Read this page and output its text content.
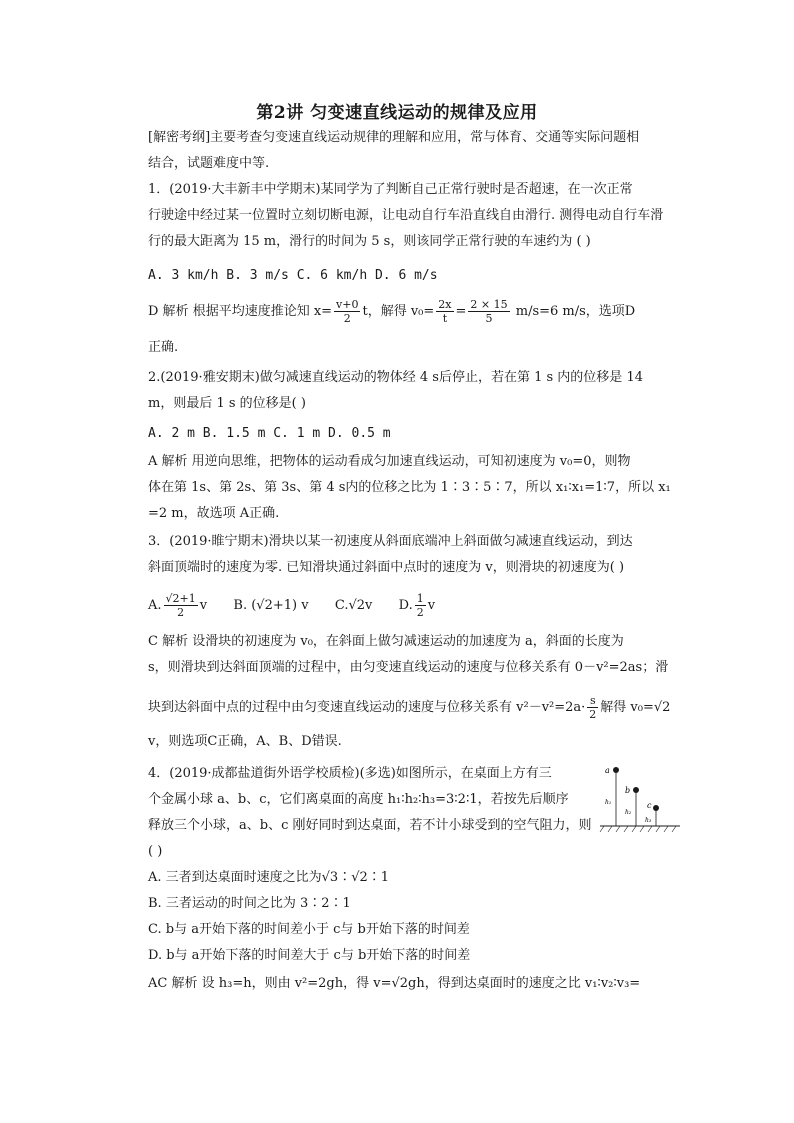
第2讲 匀变速直线运动的规律及应用
[解密考纲]主要考查匀变速直线运动规律的理解和应用，常与体育、交通等实际问题相
结合，试题难度中等.
1．(2019·大丰新丰中学期末)某同学为了判断自己正常行驶时是否超速，在一次正常
行驶途中经过某一位置时立刻切断电源，让电动自行车沿直线自由滑行. 测得电动自行车滑
行的最大距离为 15 m，滑行的时间为 5 s，则该同学正常行驶的车速约为 ( )
A. 3 km/h B. 3 m/s C. 6 km/h D. 6 m/s
D 解析 根据平均速度推论知 $x= \frac{v+0}{2}$ t，解得 $v_0= \frac{2x}{t} = \frac{2 \times 15}{5} m/s=6$ m/s，选项D
正确.
2.(2019·雅安期末)做匀减速直线运动的物体经 4 s后停止，若在第 1 s 内的位移是 14
m，则最后 1 s 的位移是( )
A. 2 m B. 1.5 m C. 1 m D. 0.5 m
A 解析 用逆向思维，把物体的运动看成匀加速直线运动，可知初速度为 v₀=0，则物
体在第 1s、第 2s、第 3s、第 4 s内的位移之比为 1∶3∶5∶7，所以 x₁∶x₁=1∶7，所以 x₁
=2 m，故选项 A正确.
3．(2019·睢宁期末)滑块以某一初速度从斜面底端冲上斜面做匀减速直线运动，到达
斜面顶端时的速度为零. 已知滑块通过斜面中点时的速度为 v，则滑块的初速度为( )
A. $\frac{√2+1}{2}$ v B. (√2+1) v C.√2v D. $\frac{1}{2}$ v
C 解析 设滑块的初速度为 v₀，在斜面上做匀减速运动的加速度为 a，斜面的长度为
s，则滑块到达斜面顶端的过程中，由匀变速直线运动的速度与位移关系有 0－v²=2as；滑
块到达斜面中点的过程中由匀变速直线运动的速度与位移关系有 $v^2-v^2=2a\cdot \frac{s}{2}$ 解得 v₀=√2
v，则选项C正确，A、B、D错误.
4．(2019·成都盐道街外语学校质检)(多选)如图所示，在桌面上方有三
个金属小球 a、b、c，它们离桌面的高度 h₁∶h₂∶h₃=3∶2∶1，若按先后顺序
释放三个小球，a、b、c 刚好同时到达桌面，若不计小球受到的空气阻力，则
( )
A. 三者到达桌面时速度之比为√3∶√2∶1
B. 三者运动的时间之比为 3∶2∶1
C. b与 a开始下落的时间差小于 c与 b开始下落的时间差
D. b与 a开始下落的时间差大于 c与 b开始下落的时间差
AC 解析 设 h₃=h，则由 v²=2gh，得 v=√2gh，得到达桌面时的速度之比 v₁∶v₂∶v₃=
a
h₁
b
h₂
c
h₃
